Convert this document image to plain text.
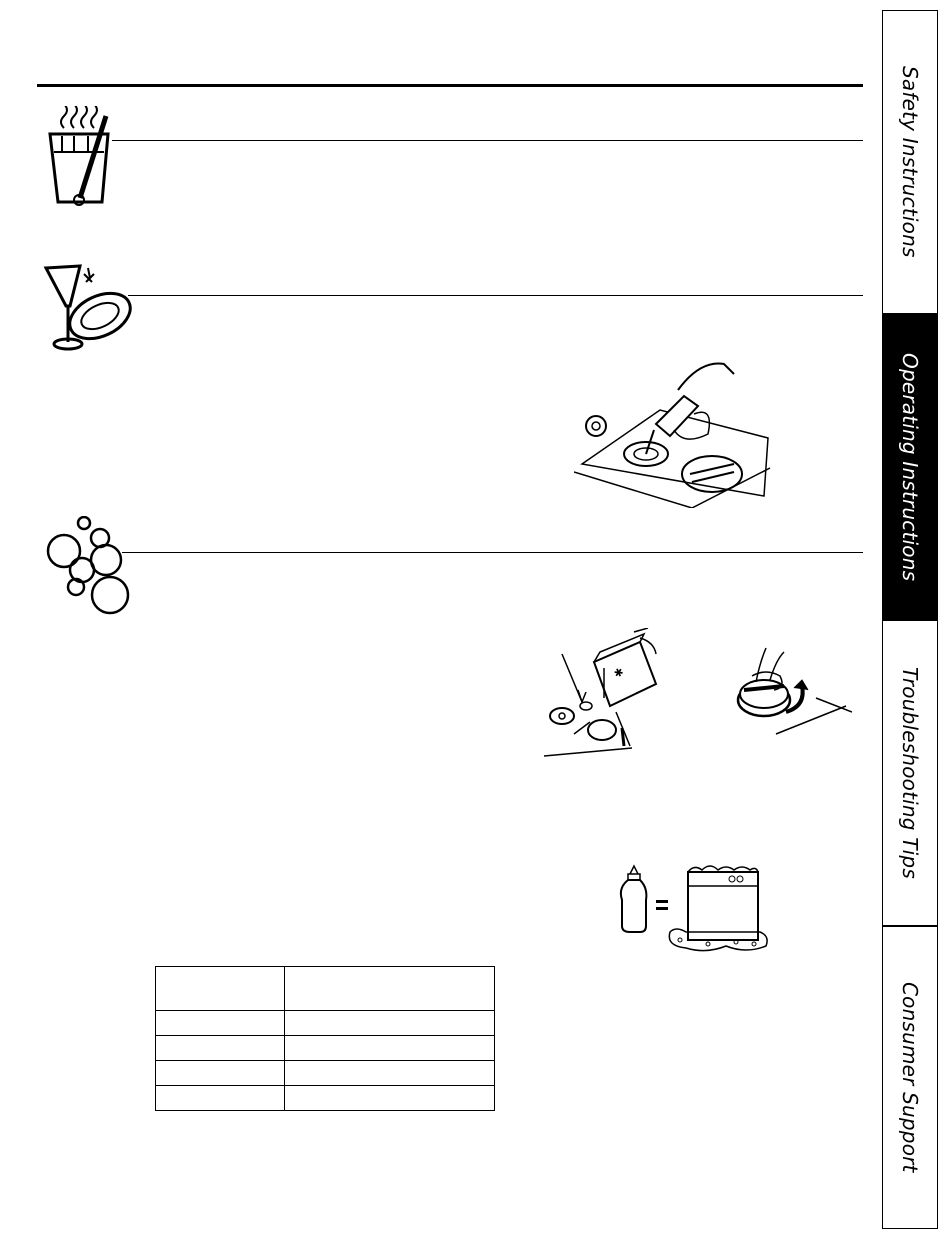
✱

Safety Instructions
Operating Instructions
Troubleshooting Tips
Consumer Support
